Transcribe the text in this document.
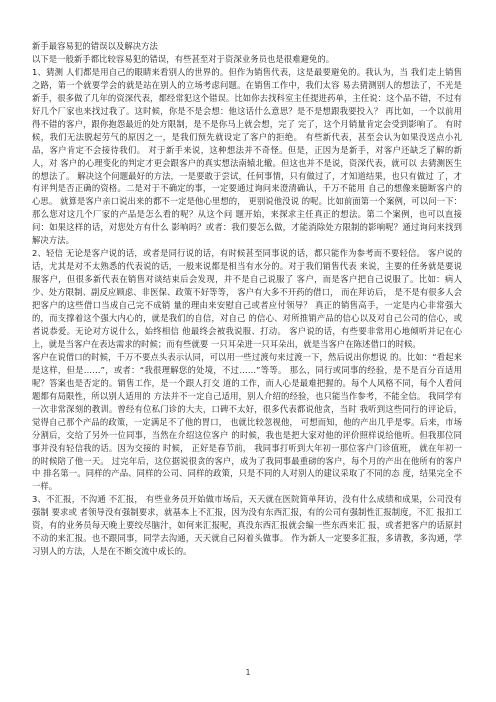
新手最容易犯的错误以及解决方法

以下是一般新手都比较容易犯的错误，有些甚至对于资深业务员也是很难避免的。

1、猜测 人们都是用自己的眼睛来看别人的世界的。但作为销售代表，这是最要避免的。我认为，当 我们走上销售之路，第一个就要学会的就是站在别人的立场考虑问题。在销售工作中，我们太容 易去猜测别人的想法了，不光是新手，很多做了几年的资深代表，都经常犯这个错误。比如你去找科室主任提进药单，主任说：这个品不错，不过有好几个厂家也来找过我了。这时候，你是不是会想：他这话什么意思？是不是想跟我要投入？ 再比如，一个以前用得不错的客户，跟你抱怨最近的处方限制，是不是你马上就会想，完了 完了，这个月销量肯定会受到影响了。 有时候，我们无法脱起劳气的原因之一，是我们预先就设定了客户的拒绝。 有些新代表，甚至会认为如果没送点小礼品，客户肯定不会接待我们。 对于新手来说，这种想法并不奇怪。但是，正因为是新手，对客户还缺乏了解的新人，对 客户的心理变化的判定才更会跟客户的真实想法南辕北辙。但这也并不是说，资深代表，就可以 去猜测医生的想法了。 解决这个问题最好的方法，一是要敢于尝试，任何事情，只有做过了，才知道结果，也只有做过 了，才有评判是否正确的资格。二是对于不确定的事，一定要通过询问来澄清确认，千万不能用 自己的想像来臆断客户的心思。 就算是客户亲口说出来的都不一定是他心里想的， 更别说他没说 的呢。比如前面第一个案例，可以问一下：那么您对这几个厂家的产品是怎么看的呢？从这个问 题开始，来探求主任真正的想法。第二个案例，也可以直接问：如果这样的话，对您处方有什么 影响吗？或者：我们要怎么做，才能消除处方限制的影响呢？通过询问来找到解决方法。

2、轻信 无论是客户说的话，或者是同行说的话，有时候甚至同事说的话，都只能作为参考而不要轻信。 客户说的话，尤其是对不太熟悉的代表说的话，一般来说都是相当有水分的。对于我们销售代表 来说，主要的任务就是要说服客户，但很多新代表在销售对谈结束后会发现，并不是自己说服了 客户，而是客户把自己说服了。比如：病人少、处方限制、副反应顾虑、非医保、政策不好等等， 客户有大多不开药的借口， 而在拜访后， 是不是有很多人会把客户的这些借口当成自己完不成销 量的理由来安慰自己或者应付领导？ 真正的销售高手，一定是内心非常强大的，而支撑着这个强大内心的，就是我们的自信，对自己 的信心、对所推销产品的信心以及对自己公司的信心，或者说恭爱。无论对方说什么，始终相信 他最终会被我说服、打动。 客户说的话，有些要非常用心地倾听并记在心上，就是当客户在表达需求的时候；而有些就要 一只耳朵进一只耳朵出，就是当客户在陈述借口的时候。

客户在说借口的时候，千万不要点头表示认同，可以用一些过渡句来过渡一下，然后说出你想说 的。比如：“看起来是这样，但是……”，或者：“我很理解您的处境，不过……”等等。 那么，同行或同事的经验，是不是百分百适用呢？答案也是否定的。销售工作，是一个跟人打交 道的工作，而人心是最难把握的。每个人风格不同，每个人看问题都有局限性，所以别人适用的 方法并不一定自己适用，别人介绍的经验，也只能当作参考，不能全信。 我同学有一次非常深刻的教训。曾经有位私门诊的大夫，口碑不太好，很多代表都说他贪，当时 我听到这些同行的评论后，觉得自己那个产品的政策，一定满足不了他的胃口， 也就比较忽视他， 可想而知，他的产出几乎是零。后来，市场分割后，交给了另外一位同事，当然在介绍这位客户 的时候，我也是把大家对他的评价照样说给他听。但我那位同事并没有轻信我的话。因为交接的 时候， 正好是春节前， 我同事打听到大年初一那位客户门诊值班， 就在年初一的时候陪了他一天。 过完年后，这位据说很贪的客户，成为了我同事最重磅的客户，每个月的产出在他所有的客户中 排名第一。同样的产品、同样的公司、同样的政策，只是不同的人对别人的建议采取了不同的态 度，结果完全不一样。

3、不汇报，不沟通 不汇报， 有些业务员开始做市场后，天天就在医院简单拜访，没有什么成绩和成果，公司没有强制 要求或 者领导没有强制要求，就基本上不汇报，因为没有东西汇报，有的公司有强制性汇报制度，不汇 报扣工资，有的业务员每天晚上要绞尽脑汁，如何来汇报呢，真没东西汇报就会编一些东西来汇 报，或者把客户的话原封不动的来汇报。也不跟同事，同学去沟通，天天就自己闷着头做事。 作为新人一定要多汇报，多请教，多沟通，学习别人的方法，人是在不断交流中成长的。

1
